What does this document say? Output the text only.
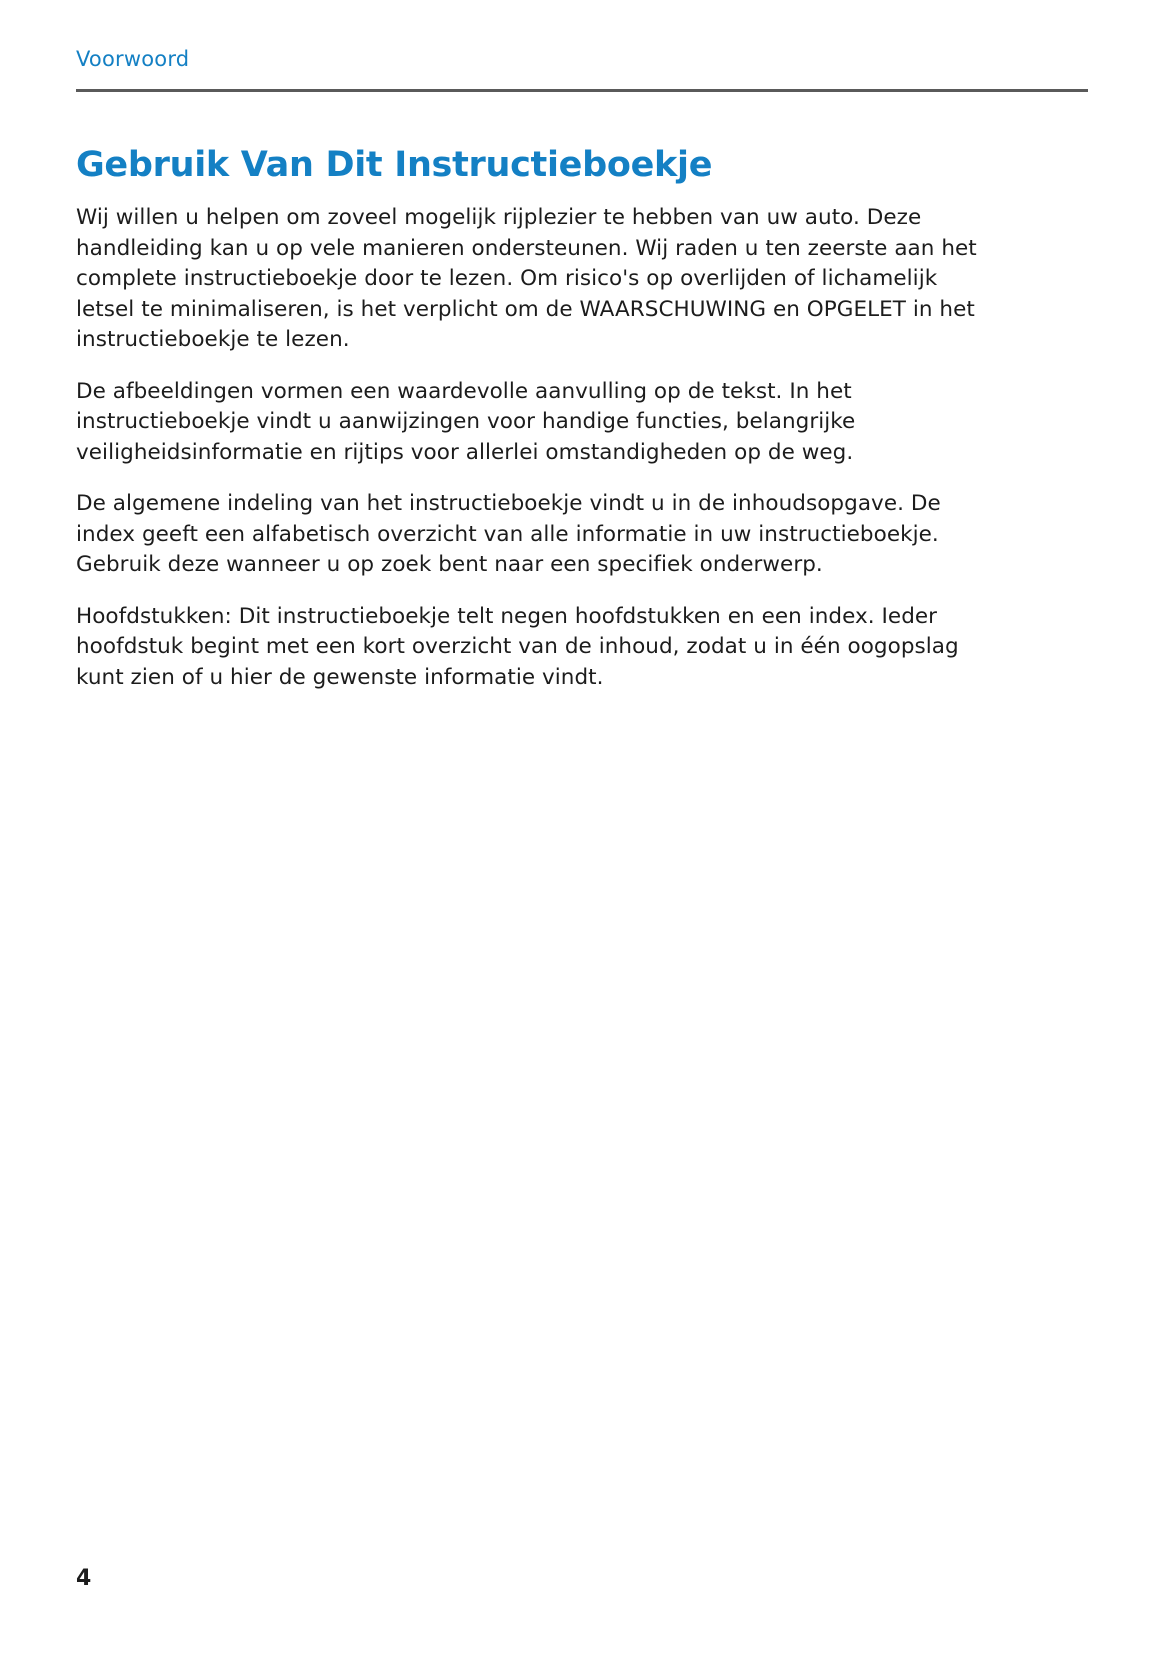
Voorwoord
Gebruik Van Dit Instructieboekje

Wij willen u helpen om zoveel mogelijk rijplezier te hebben van uw auto. Deze handleiding kan u op vele manieren ondersteunen. Wij raden u ten zeerste aan het complete instructieboekje door te lezen. Om risico's op overlijden of lichamelijk letsel te minimaliseren, is het verplicht om de WAARSCHUWING en OPGELET in het instructieboekje te lezen.

De afbeeldingen vormen een waardevolle aanvulling op de tekst. In het instructieboekje vindt u aanwijzingen voor handige functies, belangrijke veiligheidsinformatie en rijtips voor allerlei omstandigheden op de weg.

De algemene indeling van het instructieboekje vindt u in de inhoudsopgave. De index geeft een alfabetisch overzicht van alle informatie in uw instructieboekje. Gebruik deze wanneer u op zoek bent naar een specifiek onderwerp.

Hoofdstukken: Dit instructieboekje telt negen hoofdstukken en een index. Ieder hoofdstuk begint met een kort overzicht van de inhoud, zodat u in één oogopslag kunt zien of u hier de gewenste informatie vindt.

4
